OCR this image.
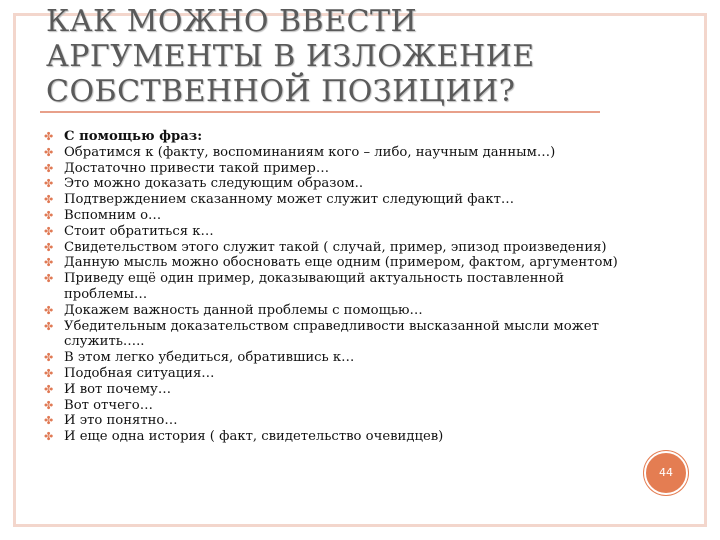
КАК МОЖНО ВВЕСТИ
АРГУМЕНТЫ В ИЗЛОЖЕНИЕ
СОБСТВЕННОЙ ПОЗИЦИИ?
✤ С помощью фраз:
✤ Обратимся к (факту, воспоминаниям кого – либо, научным данным…)
✤ Достаточно привести такой пример…
✤ Это можно доказать следующим образом..
✤ Подтверждением сказанному может служит следующий факт…
✤ Вспомним о…
✤ Стоит обратиться к…
✤ Свидетельством этого служит такой ( случай, пример, эпизод произведения)
✤ Данную мысль можно обосновать еще одним (примером, фактом, аргументом)
✤ Приведу ещё один пример, доказывающий актуальность поставленной проблемы…
✤ Докажем важность данной проблемы с помощью…
✤ Убедительным доказательством справедливости высказанной мысли может служить…..
✤ В этом легко убедиться, обратившись к…
✤ Подобная ситуация…
✤ И вот почему…
✤ Вот отчего…
✤ И это понятно…
✤ И еще одна история ( факт, свидетельство очевидцев)
44
